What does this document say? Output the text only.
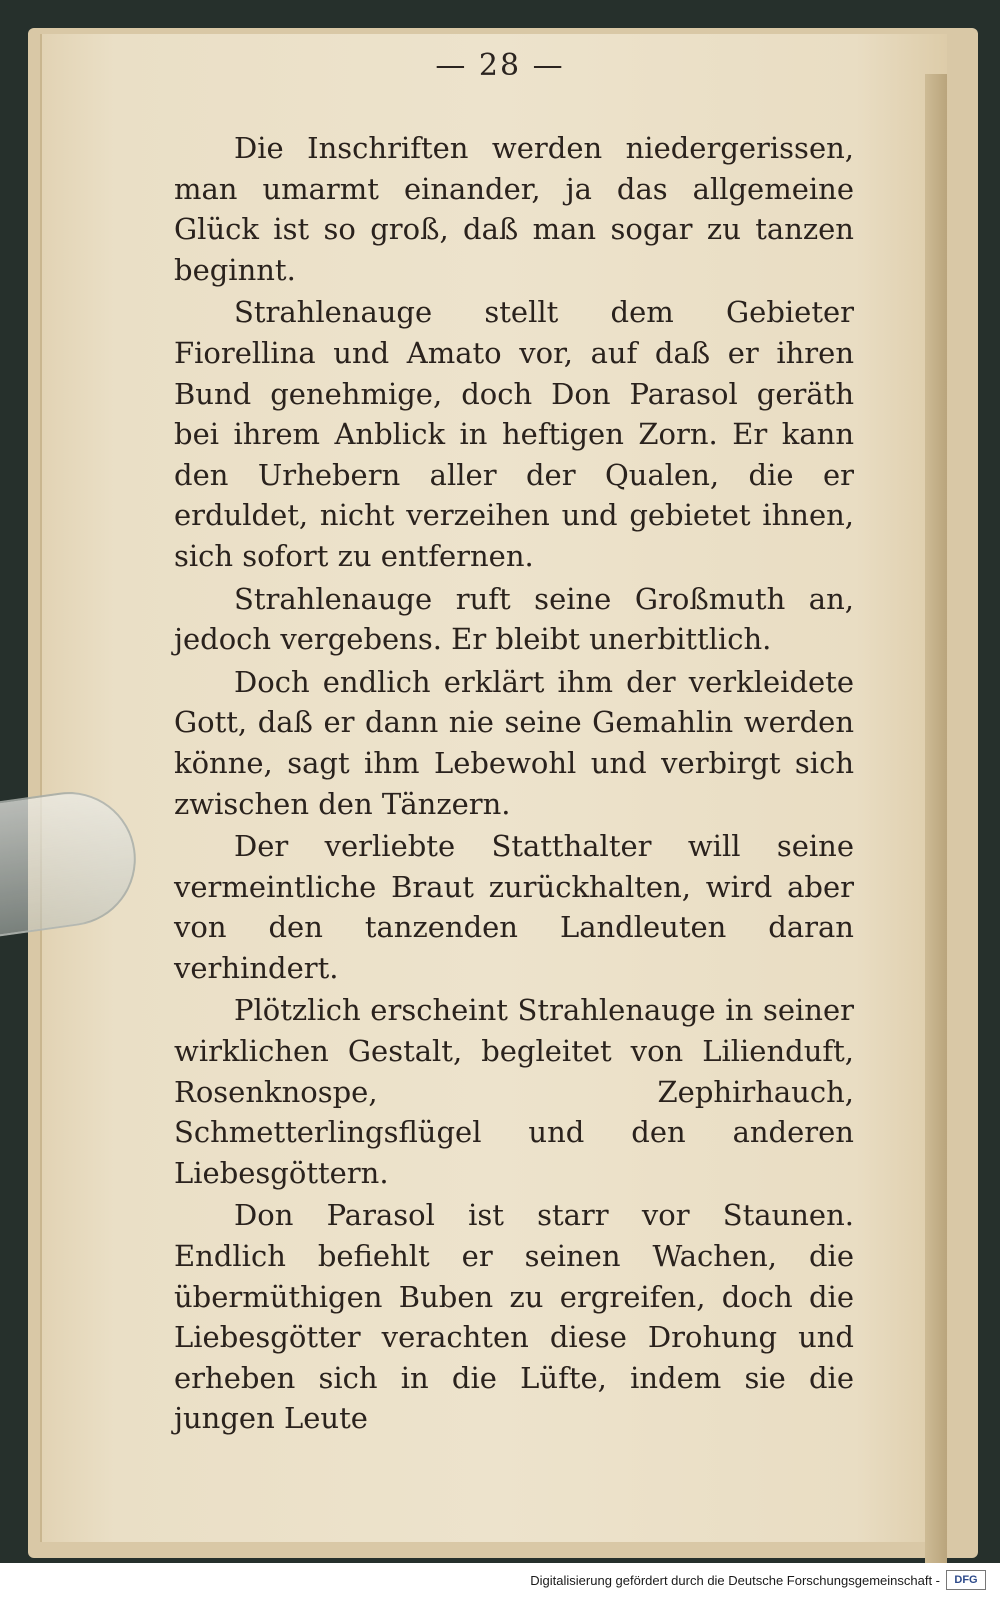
— 28 —

Die Inschriften werden niedergerissen, man umarmt einander, ja das allgemeine Glück ist so groß, daß man sogar zu tanzen beginnt.

Strahlenauge stellt dem Gebieter Fiorellina und Amato vor, auf daß er ihren Bund genehmige, doch Don Parasol geräth bei ihrem Anblick in heftigen Zorn. Er kann den Urhebern aller der Qualen, die er erduldet, nicht verzeihen und gebietet ihnen, sich sofort zu entfernen.

Strahlenauge ruft seine Großmuth an, jedoch vergebens. Er bleibt unerbittlich.

Doch endlich erklärt ihm der verkleidete Gott, daß er dann nie seine Gemahlin werden könne, sagt ihm Lebewohl und verbirgt sich zwischen den Tänzern.

Der verliebte Statthalter will seine vermeintliche Braut zurückhalten, wird aber von den tanzenden Landleuten daran verhindert.

Plötzlich erscheint Strahlenauge in seiner wirklichen Gestalt, begleitet von Lilienduft, Rosenknospe, Zephirhauch, Schmetterlingsflügel und den anderen Liebesgöttern.

Don Parasol ist starr vor Staunen. Endlich befiehlt er seinen Wachen, die übermüthigen Buben zu ergreifen, doch die Liebesgötter verachten diese Drohung und erheben sich in die Lüfte, indem sie die jungen Leute

Digitalisierung gefördert durch die Deutsche Forschungsgemeinschaft -	DFG
